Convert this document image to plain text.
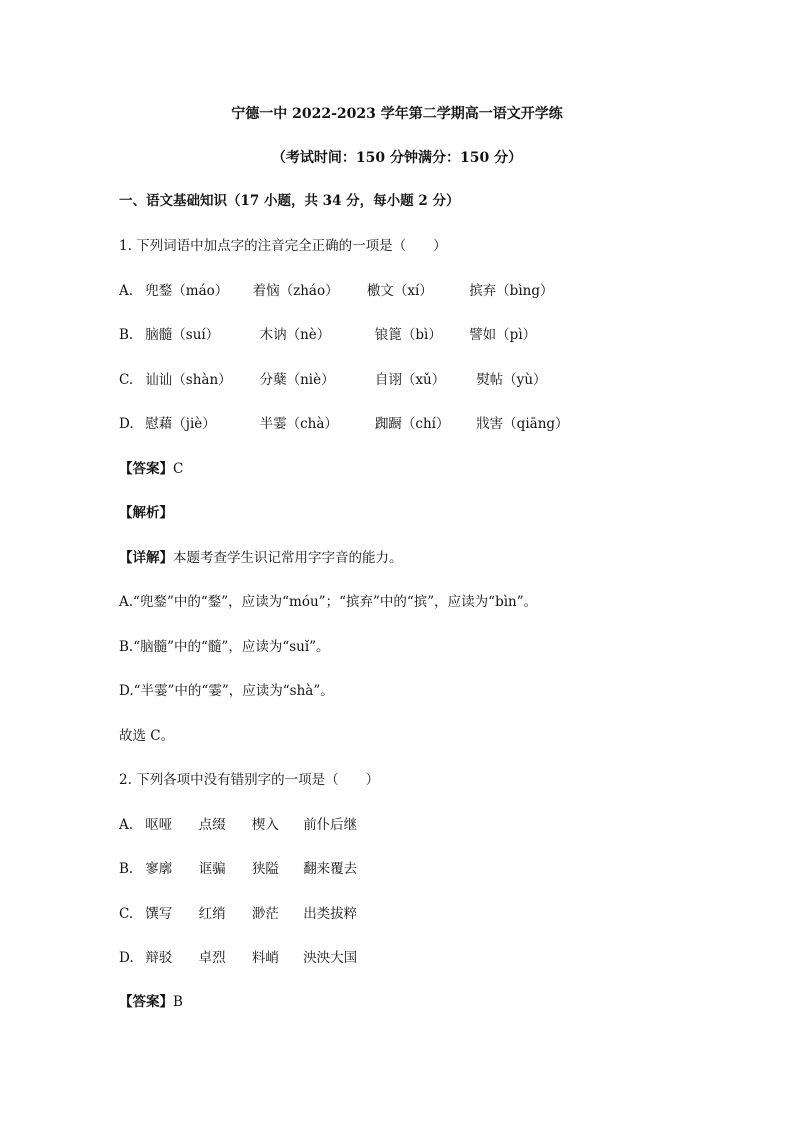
宁德一中 2022-2023 学年第二学期高一语文开学练
（考试时间：150 分钟满分：150 分）
一、语文基础知识（17 小题，共 34 分，每小题 2 分）
1. 下列词语中加点字的注音完全正确的一项是（　　）
A. 兜鍪（máo） 着恼（zháo） 檄文（xí）	摈弃（bìng）
B. 脑髓（suí）	木讷（nè）	锒篦（bì） 譬如（pì）
C. 讪讪（shàn） 分蘖（niè）	自诩（xǔ） 熨帖（yù）
D. 慰藉（jiè）	半霎（chà）	踟蹰（chí） 戕害（qiāng）
【答案】C
【解析】
【详解】本题考查学生识记常用字字音的能力。
A.“兜鍪”中的“鍪”，应读为“móu”；“摈弃”中的“摈”，应读为“bìn”。
B.“脑髓”中的“髓”，应读为“suǐ”。
D.“半霎”中的“霎”，应读为“shà”。
故选 C。
2. 下列各项中没有错别字的一项是（　　）
A. 呕哑 点缀 楔入 前仆后继
B. 寥廓 诓骗 狭隘 翻来覆去
C. 馔写 红绡 渺茫 出类拔粹
D. 辩驳 卓烈 料峭 泱泱大国
【答案】B
